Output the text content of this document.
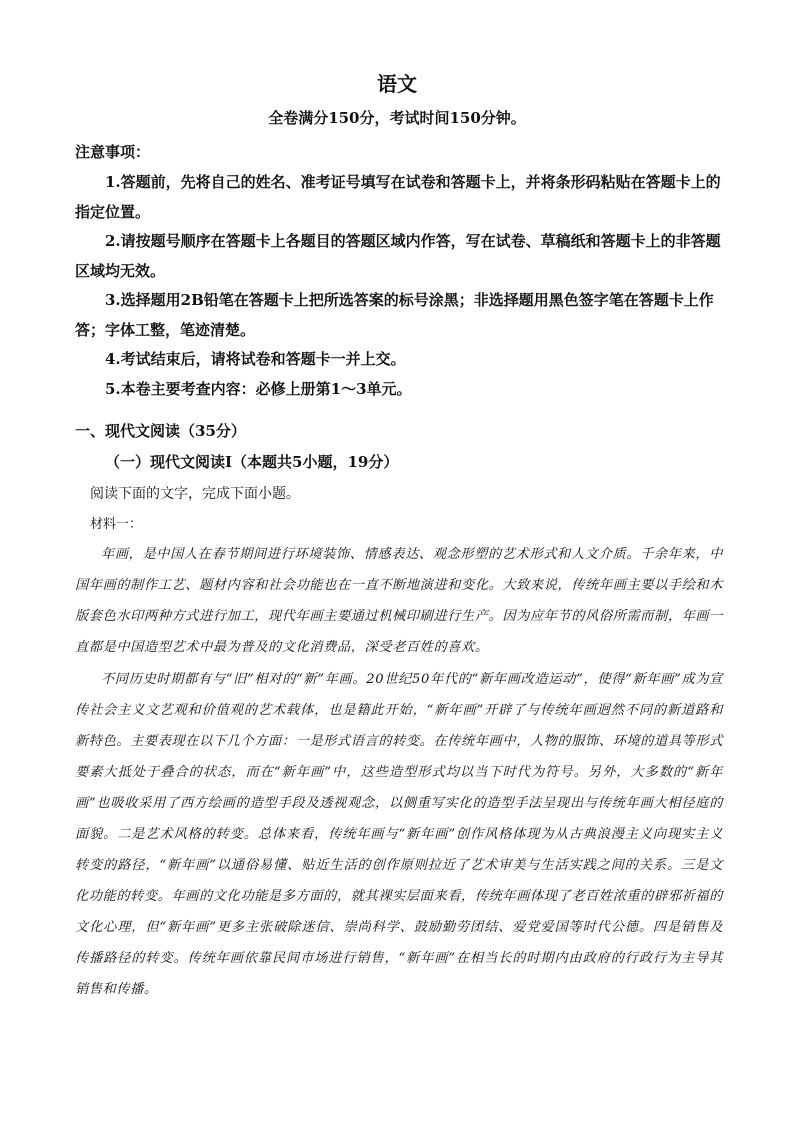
语文
全卷满分150分，考试时间150分钟。
注意事项：

1.答题前，先将自己的姓名、准考证号填写在试卷和答题卡上，并将条形码粘贴在答题卡上的指定位置。

2.请按题号顺序在答题卡上各题目的答题区域内作答，写在试卷、草稿纸和答题卡上的非答题区域均无效。

3.选择题用2B铅笔在答题卡上把所选答案的标号涂黑；非选择题用黑色签字笔在答题卡上作答；字体工整，笔迹清楚。

4.考试结束后，请将试卷和答题卡一并上交。

5.本卷主要考查内容：必修上册第1～3单元。

一、现代文阅读（35分）
（一）现代文阅读Ⅰ（本题共5小题，19分）
阅读下面的文字，完成下面小题。
材料一：

年画，是中国人在春节期间进行环境装饰、情感表达、观念形塑的艺术形式和人文介质。千余年来，中国年画的制作工艺、题材内容和社会功能也在一直不断地演进和变化。大致来说，传统年画主要以手绘和木版套色水印两种方式进行加工，现代年画主要通过机械印刷进行生产。因为应年节的风俗所需而制，年画一直都是中国造型艺术中最为普及的文化消费品，深受老百姓的喜欢。

不同历史时期都有与“旧”相对的“新”年画。20世纪50年代的“新年画改造运动”，使得“新年画”成为宣传社会主义文艺观和价值观的艺术载体，也是籍此开始，“新年画”开辟了与传统年画迥然不同的新道路和新特色。主要表现在以下几个方面：一是形式语言的转变。在传统年画中，人物的服饰、环境的道具等形式要素大抵处于叠合的状态，而在“新年画”中，这些造型形式均以当下时代为符号。另外，大多数的“新年画”也吸收采用了西方绘画的造型手段及透视观念，以侧重写实化的造型手法呈现出与传统年画大相径庭的面貌。二是艺术风格的转变。总体来看，传统年画与“新年画”创作风格体现为从古典浪漫主义向现实主义转变的路径，“新年画”以通俗易懂、贴近生活的创作原则拉近了艺术审美与生活实践之间的关系。三是文化功能的转变。年画的文化功能是多方面的，就其裸实层面来看，传统年画体现了老百姓浓重的辟邪祈福的文化心理，但“新年画”更多主张破除迷信、崇尚科学、鼓励勤劳团结、爱党爱国等时代公德。四是销售及传播路径的转变。传统年画依靠民间市场进行销售，“新年画”在相当长的时期内由政府的行政行为主导其销售和传播。
